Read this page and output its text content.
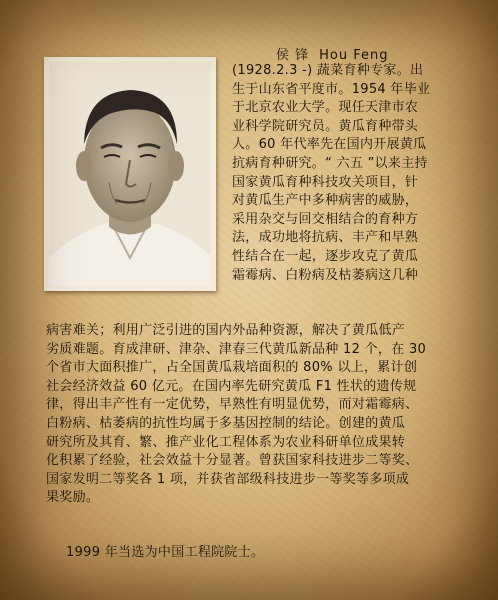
侯 锋 Hou Feng
(1928.2.3 -) 蔬菜育种专家。出
生于山东省平度市。1954 年毕业
于北京农业大学。现任天津市农
业科学院研究员。黄瓜育种带头
人。60 年代率先在国内开展黄瓜
抗病育种研究。“ 六五 ”以来主持
国家黄瓜育种科技攻关项目，针
对黄瓜生产中多种病害的威胁，
采用杂交与回交相结合的育种方
法，成功地将抗病、丰产和早熟
性结合在一起，逐步攻克了黄瓜
霜霉病、白粉病及枯萎病这几种
病害难关；利用广泛引进的国内外品种资源，解决了黄瓜低产
劣质难题。育成津研、津杂、津春三代黄瓜新品种 12 个，在 30
个省市大面积推广，占全国黄瓜栽培面积的 80% 以上，累计创
社会经济效益 60 亿元。在国内率先研究黄瓜 F1 性状的遗传规
律，得出丰产性有一定优势，早熟性有明显优势，而对霜霉病、
白粉病、枯萎病的抗性均属于多基因控制的结论。创建的黄瓜
研究所及其育、繁、推产业化工程体系为农业科研单位成果转
化积累了经验，社会效益十分显著。曾获国家科技进步二等奖、
国家发明二等奖各 1 项，并获省部级科技进步一等奖等多项成
果奖励。
1999 年当选为中国工程院院士。
